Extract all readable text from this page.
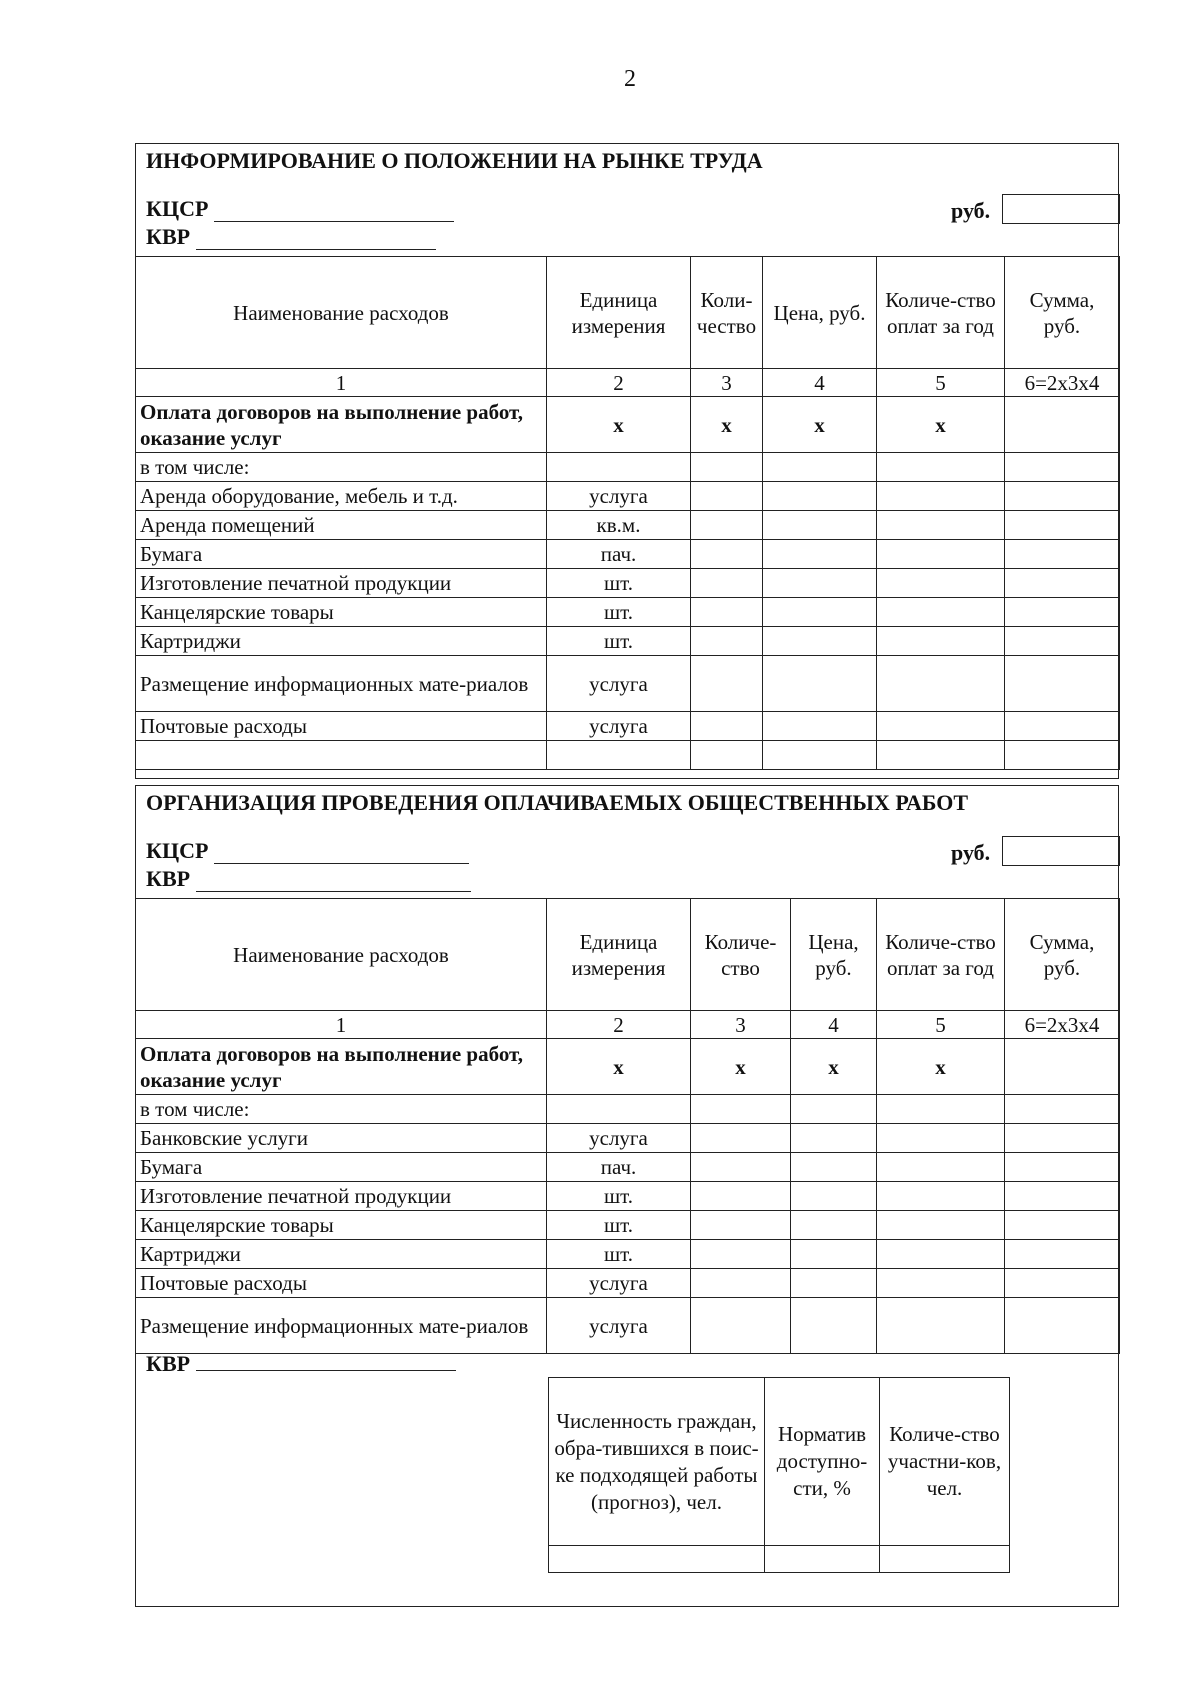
2
ИНФОРМИРОВАНИЕ О ПОЛОЖЕНИИ НА РЫНКЕ ТРУДА
КЦСР	руб.
КВР
Наименование расходов	Единица измерения	Коли-чество	Цена, руб.	Количе-ство оплат за год	Сумма, руб.
1	2	3	4	5	6=2x3x4
Оплата договоров на выполнение работ, оказание услуг	х	х	х	х	
в том числе:					
Аренда оборудование, мебель и т.д.	услуга				
Аренда помещений	кв.м.				
Бумага	пач.				
Изготовление печатной продукции	шт.				
Канцелярские товары	шт.				
Картриджи	шт.				
Размещение информационных мате-риалов	услуга				
Почтовые расходы	услуга				

ОРГАНИЗАЦИЯ ПРОВЕДЕНИЯ ОПЛАЧИВАЕМЫХ ОБЩЕСТВЕННЫХ РАБОТ
КЦСР	руб.
КВР
Наименование расходов	Единица измерения	Количе-ство	Цена, руб.	Количе-ство оплат за год	Сумма, руб.
1	2	3	4	5	6=2x3x4
Оплата договоров на выполнение работ, оказание услуг	х	х	х	х	
в том числе:					
Банковские услуги	услуга				
Бумага	пач.				
Изготовление печатной продукции	шт.				
Канцелярские товары	шт.				
Картриджи	шт.				
Почтовые расходы	услуга				
Размещение информационных мате-риалов	услуга				
КВР
Численность граждан, обра-тившихся в поис-ке подходящей работы (прогноз), чел.	Норматив доступно-сти, %	Количе-ство участни-ков, чел.
